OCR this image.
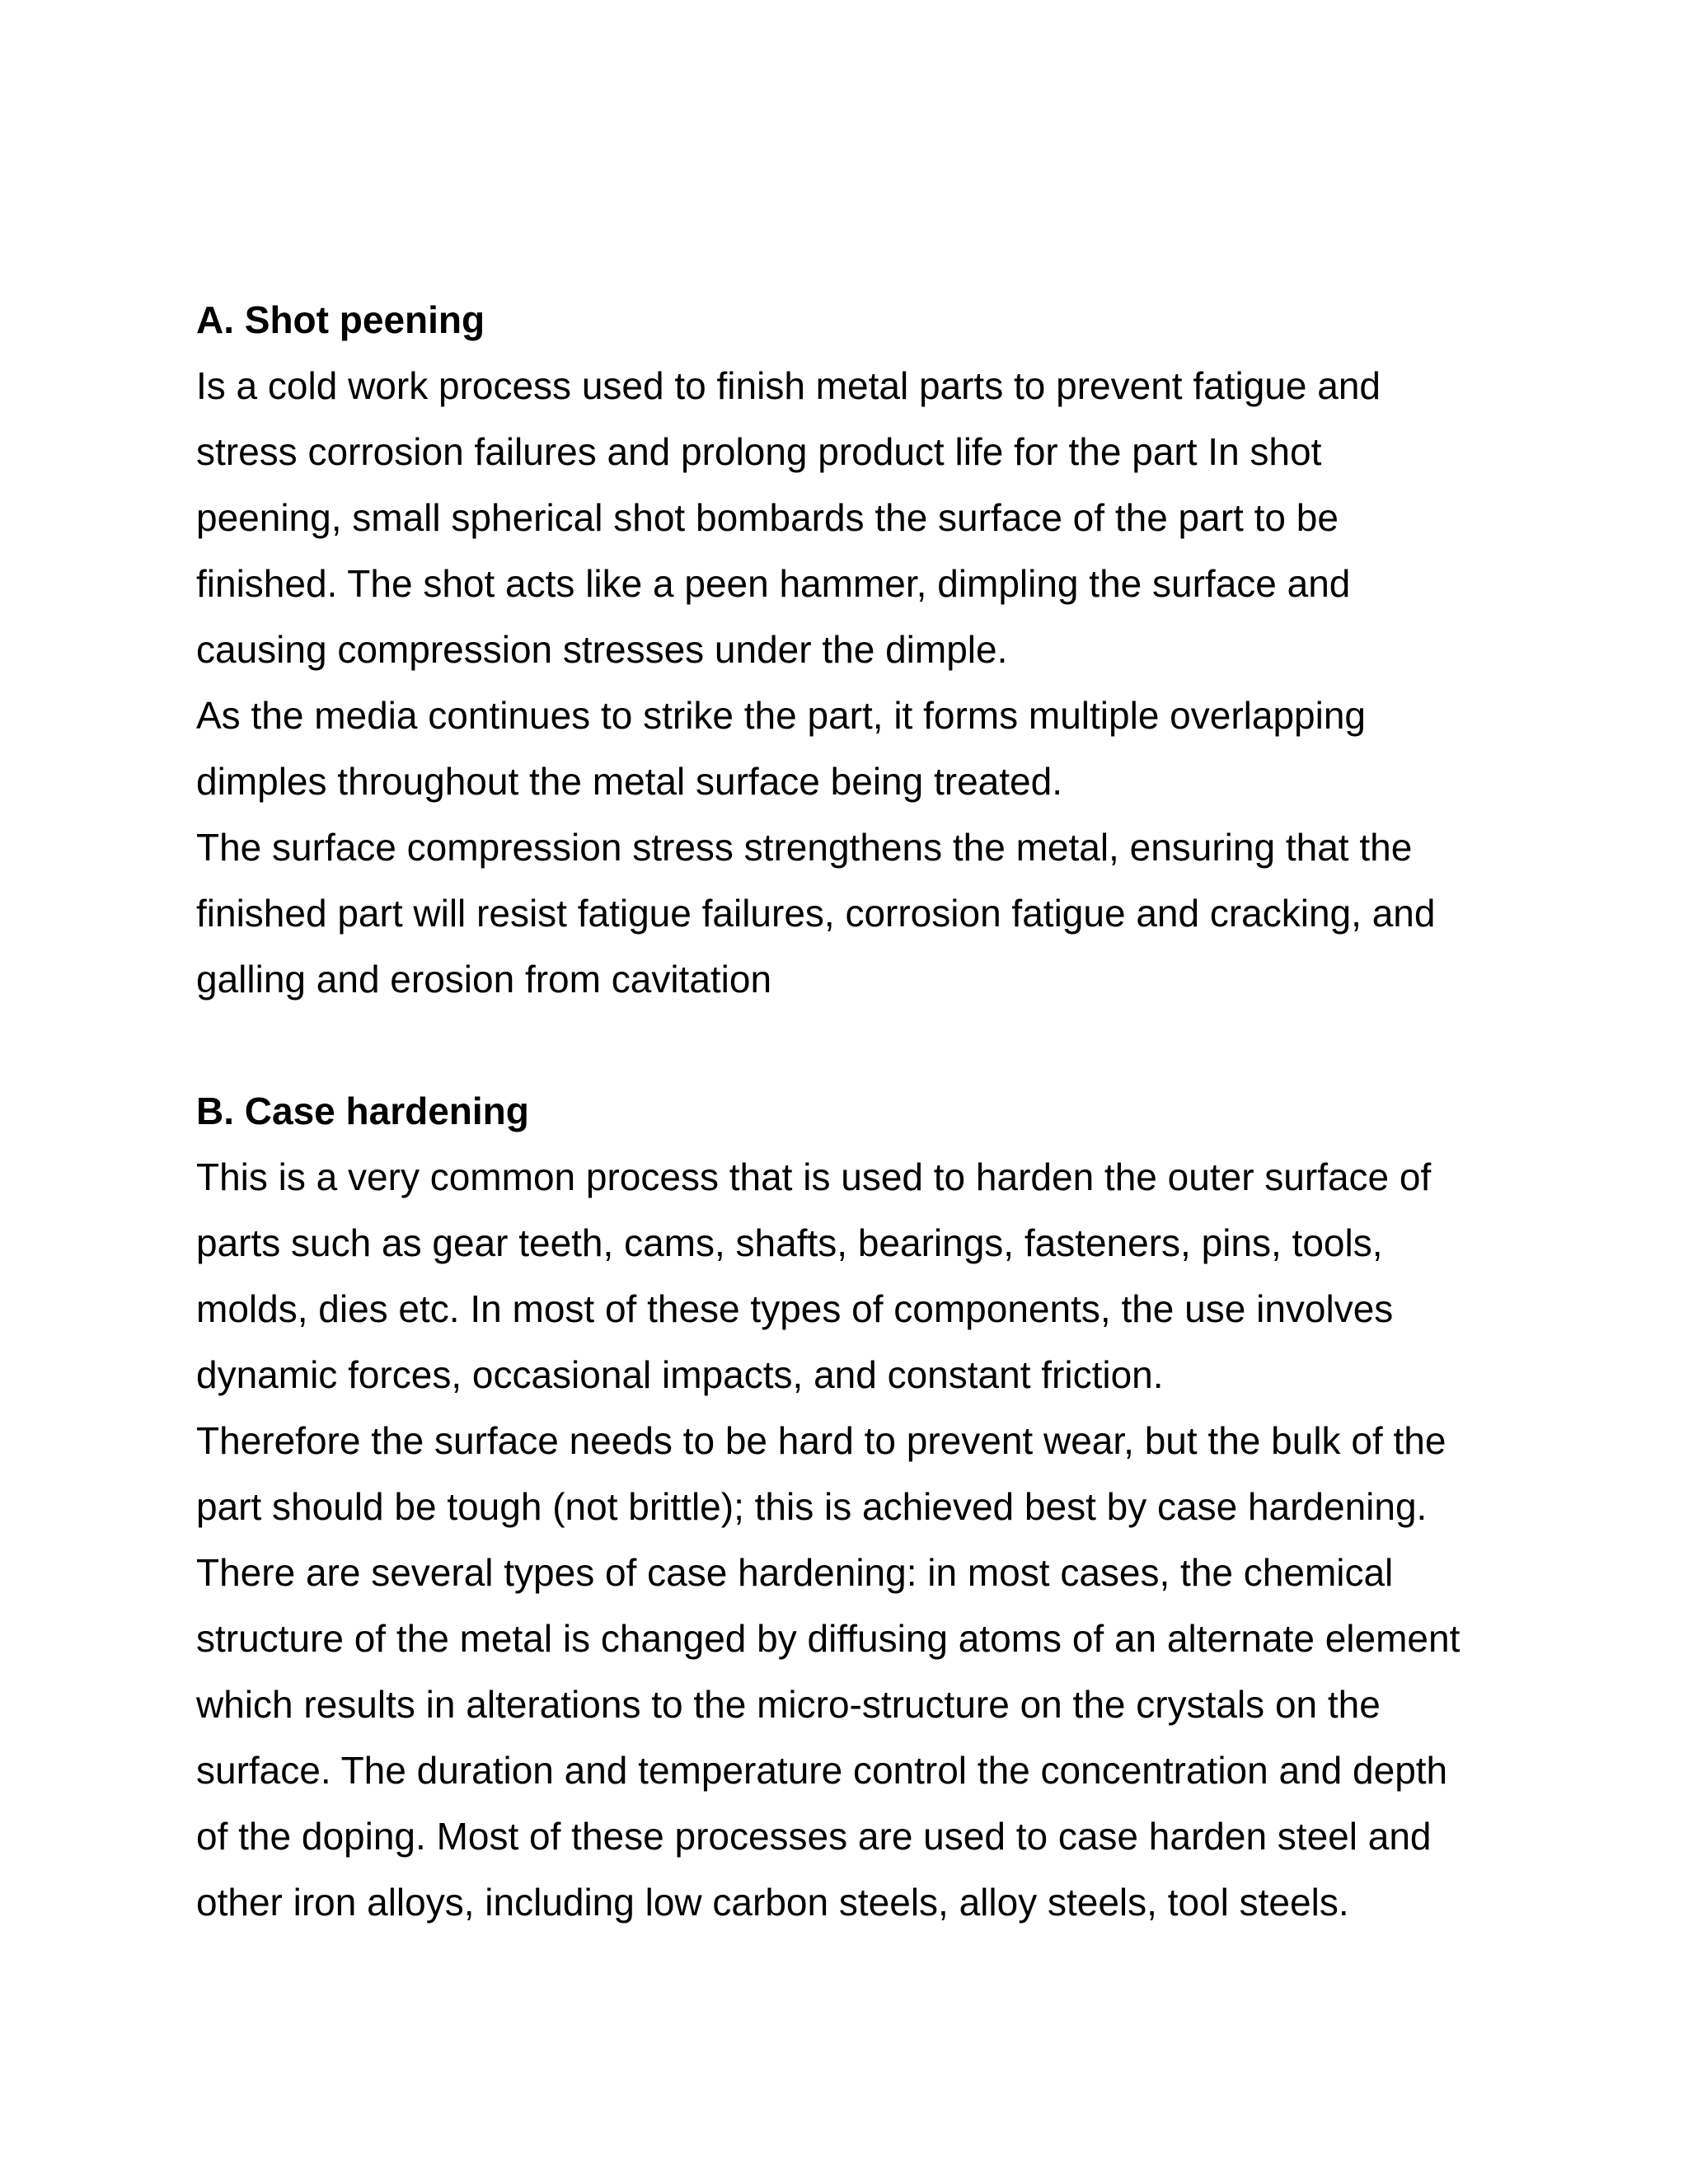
A. Shot peening

Is a cold work process used to finish metal parts to prevent fatigue and

stress corrosion failures and prolong product life for the part In shot

peening, small spherical shot bombards the surface of the part to be

finished. The shot acts like a peen hammer, dimpling the surface and

causing compression stresses under the dimple.

As the media continues to strike the part, it forms multiple overlapping

dimples throughout the metal surface being treated.

The surface compression stress strengthens the metal, ensuring that the

finished part will resist fatigue failures, corrosion fatigue and cracking, and

galling and erosion from cavitation

B. Case hardening

This is a very common process that is used to harden the outer surface of

parts such as gear teeth, cams, shafts, bearings, fasteners, pins, tools,

molds, dies etc. In most of these types of components, the use involves

dynamic forces, occasional impacts, and constant friction.

Therefore the surface needs to be hard to prevent wear, but the bulk of the

part should be tough (not brittle); this is achieved best by case hardening.

There are several types of case hardening: in most cases, the chemical

structure of the metal is changed by diffusing atoms of an alternate element

which results in alterations to the micro-structure on the crystals on the

surface. The duration and temperature control the concentration and depth

of the doping. Most of these processes are used to case harden steel and

other iron alloys, including low carbon steels, alloy steels, tool steels.
